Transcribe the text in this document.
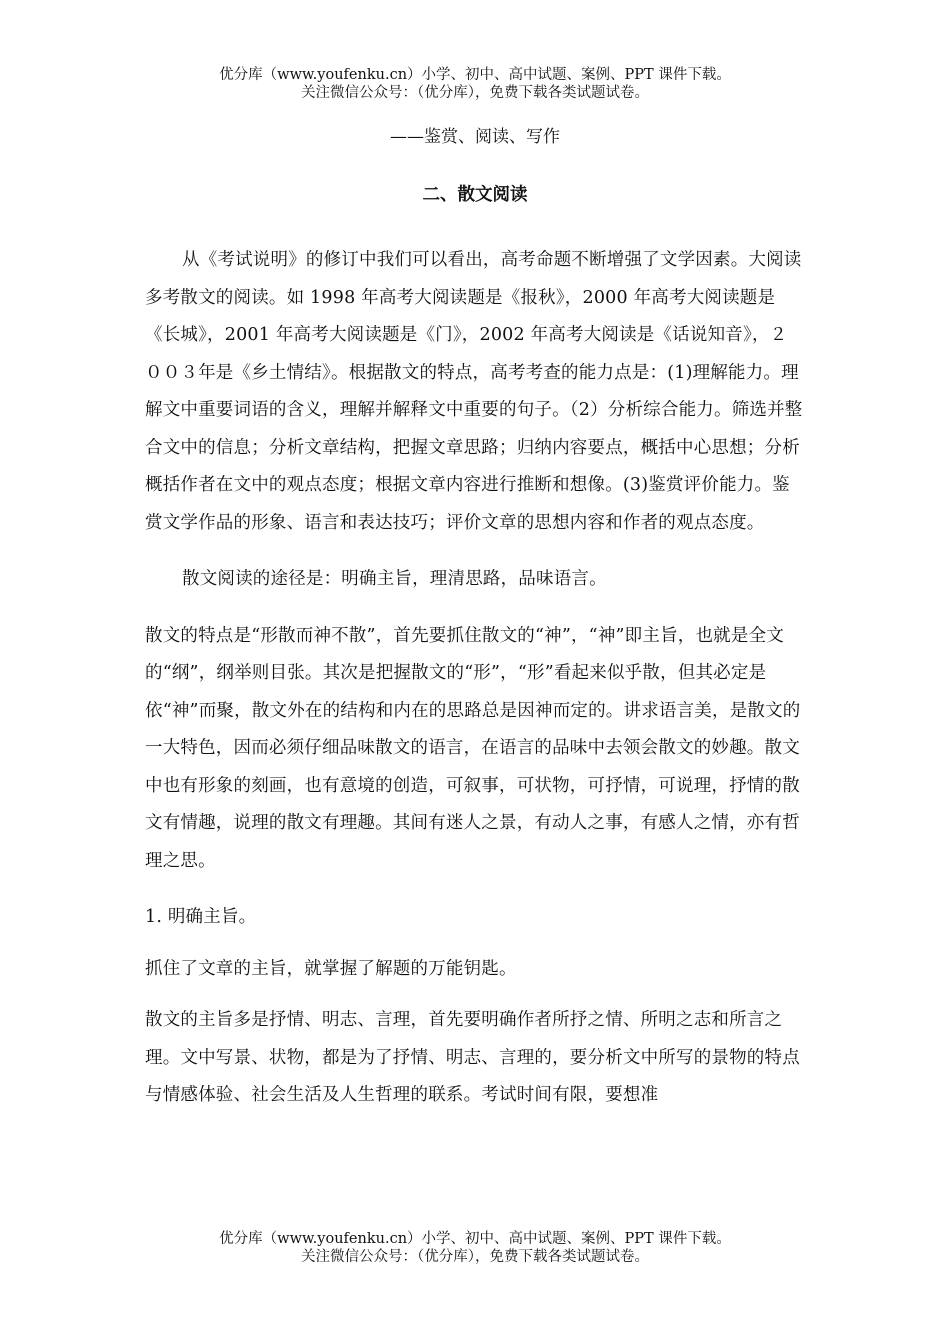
优分库（www.youfenku.cn）小学、初中、高中试题、案例、PPT 课件下载。

关注微信公众号：（优分库），免费下载各类试题试卷。

——鉴赏、阅读、写作
二、散文阅读

从《考试说明》的修订中我们可以看出，高考命题不断增强了文学因素。大阅读多考散文的阅读。如 1998 年高考大阅读题是《报秋》，2000 年高考大阅读题是《长城》，2001 年高考大阅读题是《门》，2002 年高考大阅读是《话说知音》，２００３年是《乡土情结》。根据散文的特点，高考考查的能力点是：(1)理解能力。理解文中重要词语的含义，理解并解释文中重要的句子。（2）分析综合能力。筛选并整合文中的信息；分析文章结构，把握文章思路；归纳内容要点，概括中心思想；分析概括作者在文中的观点态度；根据文章内容进行推断和想像。(3)鉴赏评价能力。鉴赏文学作品的形象、语言和表达技巧；评价文章的思想内容和作者的观点态度。

散文阅读的途径是：明确主旨，理清思路，品味语言。

散文的特点是“形散而神不散”，首先要抓住散文的“神”，“神”即主旨，也就是全文的“纲”，纲举则目张。其次是把握散文的“形”，“形”看起来似乎散，但其必定是依“神”而聚，散文外在的结构和内在的思路总是因神而定的。讲求语言美，是散文的一大特色，因而必须仔细品味散文的语言，在语言的品味中去领会散文的妙趣。散文中也有形象的刻画，也有意境的创造，可叙事，可状物，可抒情，可说理，抒情的散文有情趣，说理的散文有理趣。其间有迷人之景，有动人之事，有感人之情，亦有哲理之思。

1. 明确主旨。

抓住了文章的主旨，就掌握了解题的万能钥匙。

散文的主旨多是抒情、明志、言理，首先要明确作者所抒之情、所明之志和所言之理。文中写景、状物，都是为了抒情、明志、言理的，要分析文中所写的景物的特点与情感体验、社会生活及人生哲理的联系。考试时间有限，要想准

优分库（www.youfenku.cn）小学、初中、高中试题、案例、PPT 课件下载。

关注微信公众号：（优分库），免费下载各类试题试卷。
